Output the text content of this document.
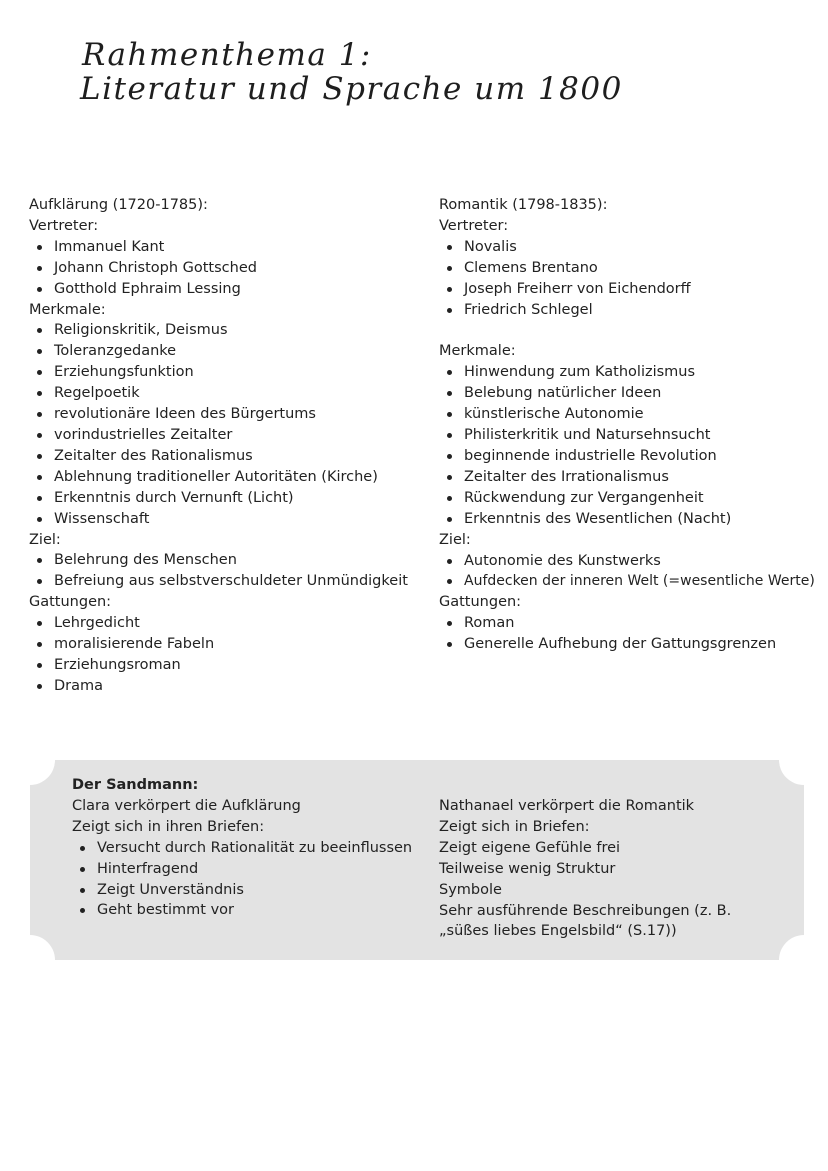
Rahmenthema 1:
Literatur und Sprache um 1800
Aufklärung (1720-1785):
Vertreter:
Immanuel Kant
Johann Christoph Gottsched
Gotthold Ephraim Lessing
Merkmale:
Religionskritik, Deismus
Toleranzgedanke
Erziehungsfunktion
Regelpoetik
revolutionäre Ideen des Bürgertums
vorindustrielles Zeitalter
Zeitalter des Rationalismus
Ablehnung traditioneller Autoritäten (Kirche)
Erkenntnis durch Vernunft (Licht)
Wissenschaft
Ziel:
Belehrung des Menschen
Befreiung aus selbstverschuldeter Unmündigkeit
Gattungen:
Lehrgedicht
moralisierende Fabeln
Erziehungsroman
Drama
Romantik (1798-1835):
Vertreter:
Novalis
Clemens Brentano
Joseph Freiherr von Eichendorff
Friedrich Schlegel
Merkmale:
Hinwendung zum Katholizismus
Belebung natürlicher Ideen
künstlerische Autonomie
Philisterkritik und Natursehnsucht
beginnende industrielle Revolution
Zeitalter des Irrationalismus
Rückwendung zur Vergangenheit
Erkenntnis des Wesentlichen (Nacht)
Ziel:
Autonomie des Kunstwerks
Aufdecken der inneren Welt (=wesentliche Werte)
Gattungen:
Roman
Generelle Aufhebung der Gattungsgrenzen
Der Sandmann:
Clara verkörpert die Aufklärung
Zeigt sich in ihren Briefen:
Versucht durch Rationalität zu beeinflussen
Hinterfragend
Zeigt Unverständnis
Geht bestimmt vor
Nathanael verkörpert die Romantik
Zeigt sich in Briefen:
Zeigt eigene Gefühle frei
Teilweise wenig Struktur
Symbole
Sehr ausführende Beschreibungen (z. B.
„süßes liebes Engelsbild“ (S.17))
